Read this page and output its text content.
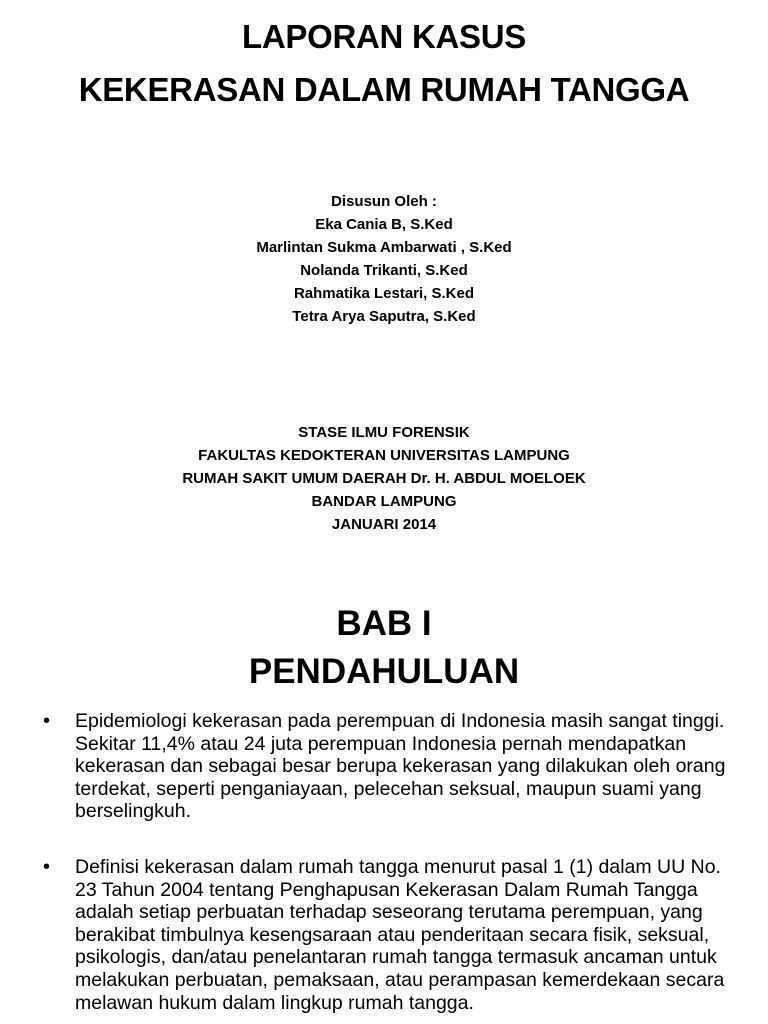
LAPORAN KASUS
KEKERASAN DALAM RUMAH TANGGA
Disusun Oleh :
Eka Cania B, S.Ked
Marlintan Sukma Ambarwati , S.Ked
Nolanda Trikanti, S.Ked
Rahmatika Lestari, S.Ked
Tetra Arya Saputra, S.Ked
STASE ILMU FORENSIK
FAKULTAS KEDOKTERAN UNIVERSITAS LAMPUNG
RUMAH SAKIT UMUM DAERAH Dr. H. ABDUL MOELOEK
BANDAR LAMPUNG
JANUARI 2014
BAB I
PENDAHULUAN
• Epidemiologi kekerasan pada perempuan di Indonesia masih sangat tinggi. Sekitar 11,4% atau 24 juta perempuan Indonesia pernah mendapatkan kekerasan dan sebagai besar berupa kekerasan yang dilakukan oleh orang terdekat, seperti penganiayaan, pelecehan seksual, maupun suami yang berselingkuh.
• Definisi kekerasan dalam rumah tangga menurut pasal 1 (1) dalam UU No. 23 Tahun 2004 tentang Penghapusan Kekerasan Dalam Rumah Tangga adalah setiap perbuatan terhadap seseorang terutama perempuan, yang berakibat timbulnya kesengsaraan atau penderitaan secara fisik, seksual, psikologis, dan/atau penelantaran rumah tangga termasuk ancaman untuk melakukan perbuatan, pemaksaan, atau perampasan kemerdekaan secara melawan hukum dalam lingkup rumah tangga.
